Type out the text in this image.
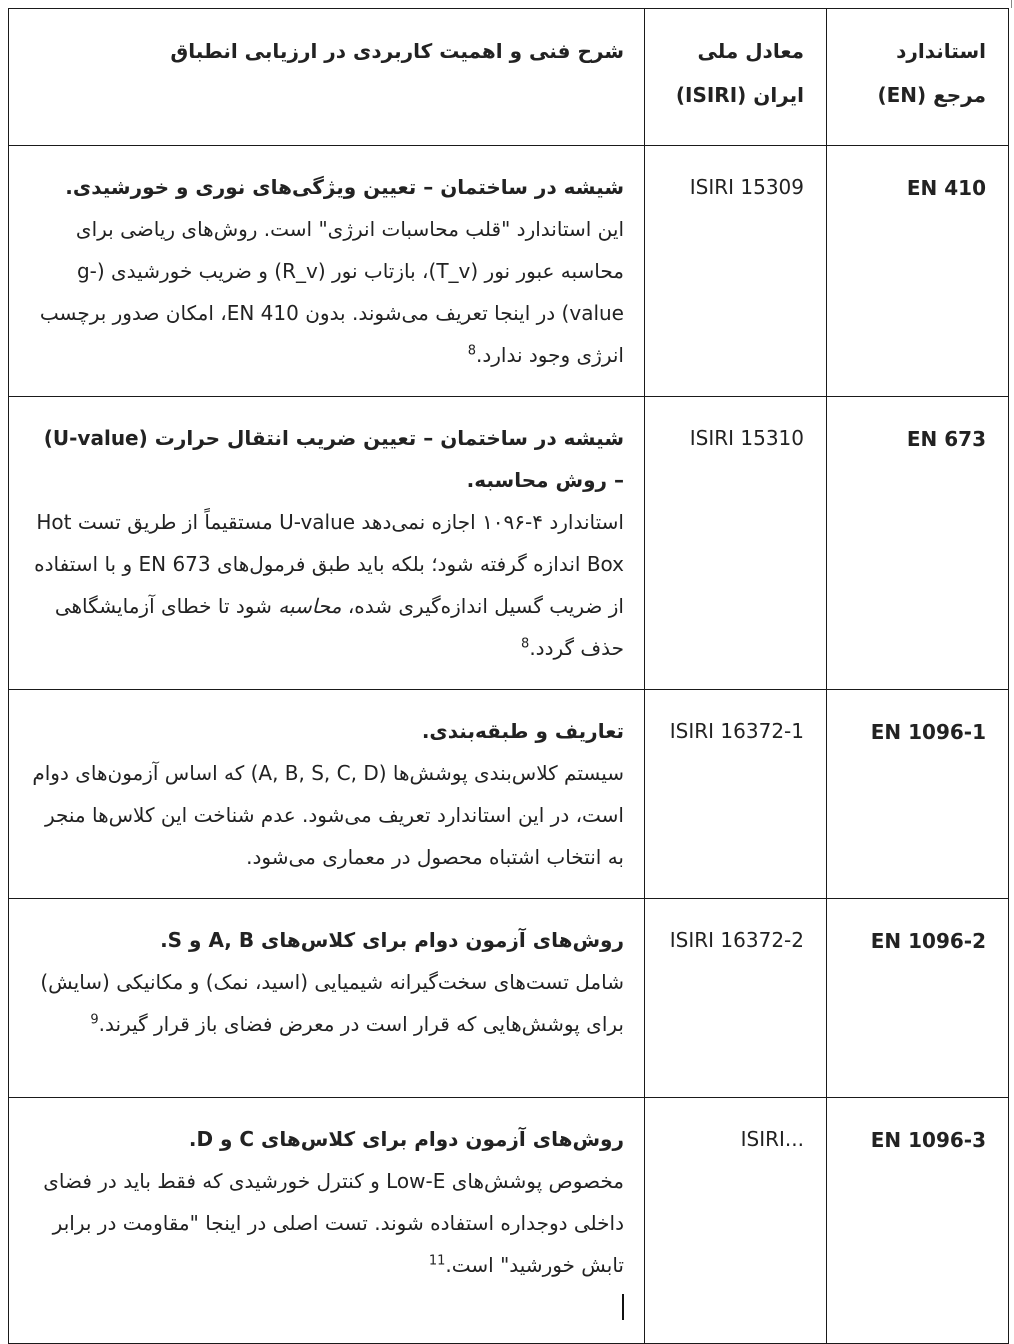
استاندارد مرجع (EN)	معادل ملی ایران (ISIRI)	شرح فنی و اهمیت کاربردی در ارزیابی انطباق
EN 410	ISIRI 15309	شیشه در ساختمان – تعیین ویژگی‌های نوری و خورشیدی.
این استاندارد "قلب محاسبات انرژی" است. روش‌های ریاضی برای محاسبه عبور نور (T_v)، بازتاب نور (R_v) و ضریب خورشیدی (g-value) در اینجا تعریف می‌شوند. بدون EN 410، امکان صدور برچسب انرژی وجود ندارد.$^8$

EN 673	ISIRI 15310	شیشه در ساختمان – تعیین ضریب انتقال حرارت (U-value) – روش محاسبه.
استاندارد ۴-۱۰۹۶ اجازه نمی‌دهد U-value مستقیماً از طریق تست Hot Box اندازه گرفته شود؛ بلکه باید طبق فرمول‌های EN 673 و با استفاده از ضریب گسیل اندازه‌گیری شده، محاسبه شود تا خطای آزمایشگاهی حذف گردد.$^8$

EN 1096-1	ISIRI 16372-1	تعاریف و طبقه‌بندی.
سیستم کلاس‌بندی پوشش‌ها (A, B, S, C, D) که اساس آزمون‌های دوام است، در این استاندارد تعریف می‌شود. عدم شناخت این کلاس‌ها منجر به انتخاب اشتباه محصول در معماری می‌شود.

EN 1096-2	ISIRI 16372-2	روش‌های آزمون دوام برای کلاس‌های A, B و S.
شامل تست‌های سخت‌گیرانه شیمیایی (اسید، نمک) و مکانیکی (سایش) برای پوشش‌هایی که قرار است در معرض فضای باز قرار گیرند.$^9$

EN 1096-3	ISIRI...	روش‌های آزمون دوام برای کلاس‌های C و D.
مخصوص پوشش‌های Low-E و کنترل خورشیدی که فقط باید در فضای داخلی دوجداره استفاده شوند. تست اصلی در اینجا "مقاومت در برابر تابش خورشید" است.$^{11}$
